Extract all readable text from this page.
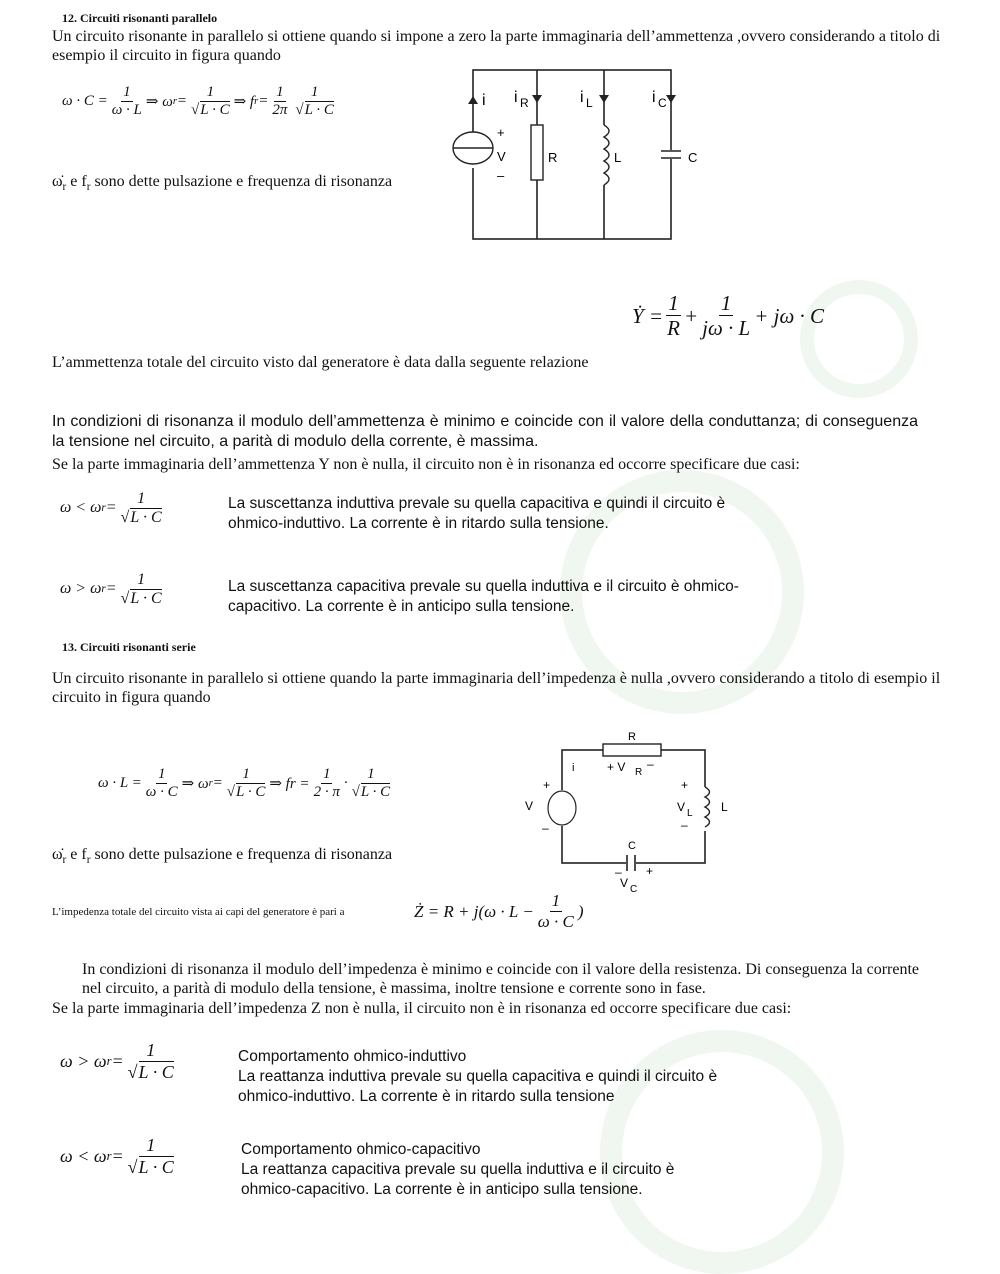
12. Circuiti risonanti parallelo
Un circuito risonante in parallelo si ottiene quando si impone a zero la parte immaginaria dell’ammettenza ,ovvero considerando a titolo di esempio il circuito in figura quando
$\omega \cdot C = \frac{1}{\omega \cdot L}$ ⇒ ω $r = \frac{1}{√L \cdot C}$ ⇒ f $r = \frac{1}{2\pi} \frac{1}{√L \cdot C}$
$\omegȧ_r$ e $f_r$ sono dette pulsazione e frequenza di risonanza
i i R	i L	i C
+
V
–
R	L	C
Ẏ = $\frac{1}{R} + \frac{1}{j\omega \cdot L} + j\omega \cdot C$
L’ammettenza totale del circuito visto dal generatore è data dalla seguente relazione
In condizioni di risonanza il modulo dell’ammettenza è minimo e coincide con il valore della conduttanza; di conseguenza la tensione nel circuito, a parità di modulo della corrente, è massima.
Se la parte immaginaria dell’ammettenza Y non è nulla, il circuito non è in risonanza ed occorre specificare due casi:
ω < ω $r = \frac{1}{√L \cdot C}$	La suscettanza induttiva prevale su quella capacitiva e quindi il circuito è ohmico-induttivo. La corrente è in ritardo sulla tensione.
ω > ω $r = \frac{1}{√L \cdot C}$	La suscettanza capacitiva prevale su quella induttiva e il circuito è ohmico-capacitivo. La corrente è in anticipo sulla tensione.
13. Circuiti risonanti serie
Un circuito risonante in parallelo si ottiene quando la parte immaginaria dell’impedenza è nulla ,ovvero considerando a titolo di esempio il circuito in figura quando
$\omega \cdot L = \frac{1}{\omega \cdot C}$ ⇒ ω $r = \frac{1}{√L \cdot C}$ ⇒ fr = $\frac{1}{2 \cdot \pi} \cdot \frac{1}{√L \cdot C}$
$\omegȧ_r$ e $f_r$ sono dette pulsazione e frequenza di risonanza
R
i	+ V R
–
+
V
–
+
V L
–
L
C
– +
V C
L’impedenza totale del circuito vista ai capi del generatore è pari a	Ż = $R + j(\omega \cdot L - \frac{1}{\omega \cdot C}$ )
In condizioni di risonanza il modulo dell’impedenza è minimo e coincide con il valore della resistenza. Di conseguenza la corrente nel circuito, a parità di modulo della tensione, è massima, inoltre tensione e corrente sono in fase.
Se la parte immaginaria dell’impedenza Z non è nulla, il circuito non è in risonanza ed occorre specificare due casi:
ω > ω $r = \frac{1}{√L \cdot C}$	Comportamento ohmico-induttivo
La reattanza induttiva prevale su quella capacitiva e quindi il circuito è ohmico-induttivo. La corrente è in ritardo sulla tensione
ω < ω $r = \frac{1}{√L \cdot C}$	Comportamento ohmico-capacitivo
La reattanza capacitiva prevale su quella induttiva e il circuito è ohmico-capacitivo. La corrente è in anticipo sulla tensione.
